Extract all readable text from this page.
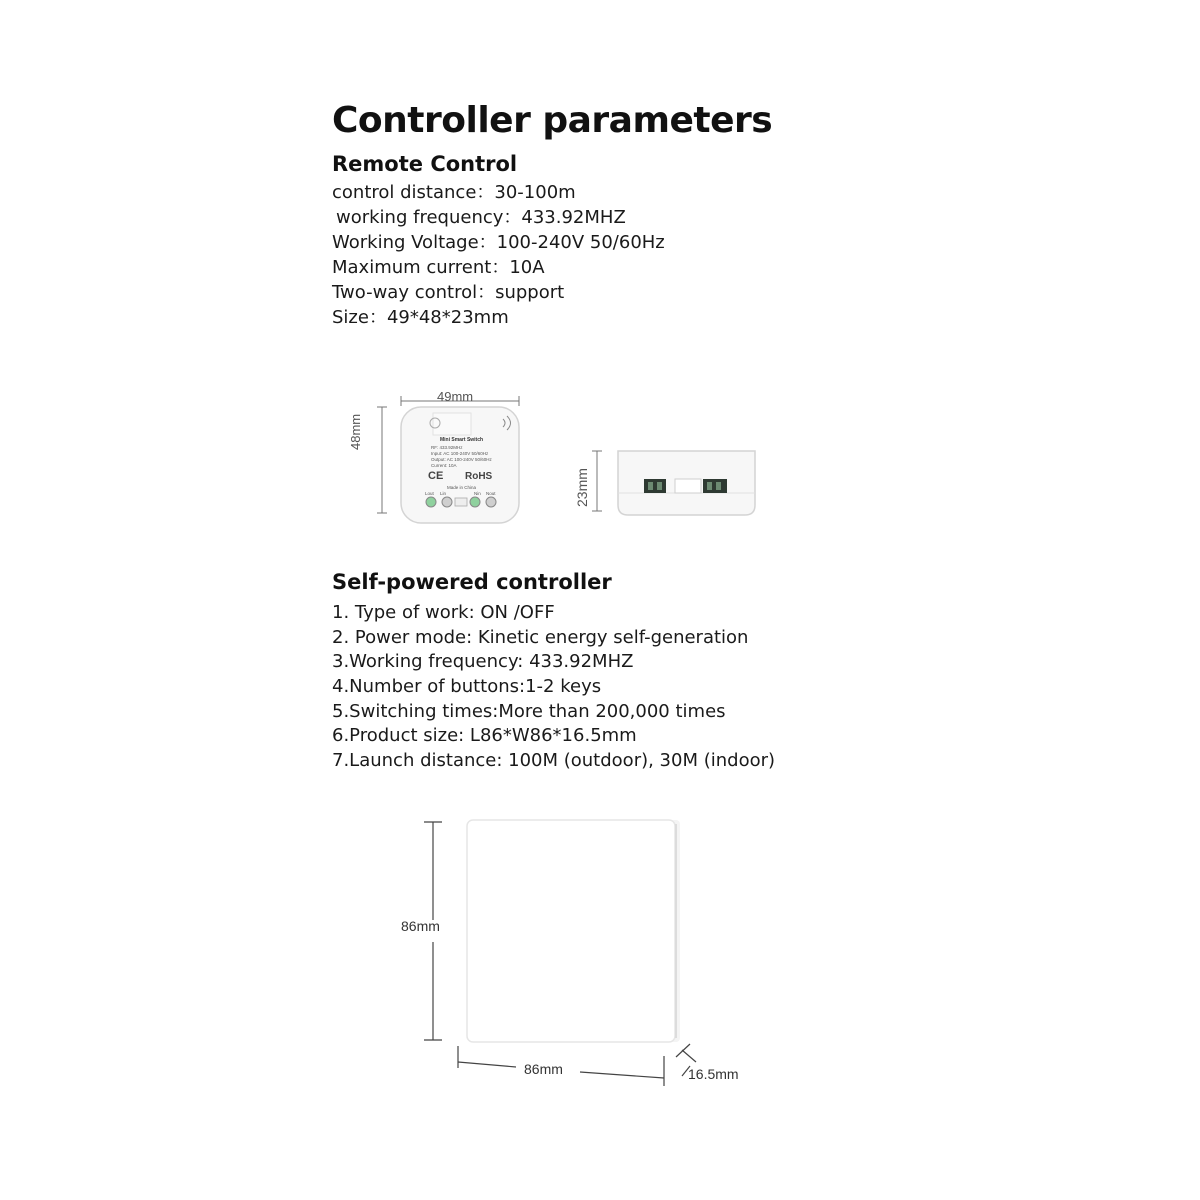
Controller parameters
Remote Control
control distance：30-100m
working frequency：433.92MHZ
Working Voltage：100-240V 50/60Hz
Maximum current：10A
Two-way control：support
Size：49*48*23mm
49mm
48mm	Mini Smart Switch
RF: 433.92MHz
Input: AC 100-240V 50/60Hz
Output: AC 100-240V 50/60Hz
Current: 10A
CE RoHS
Made in China
Lout Lin	Nin Nout	23mm
Self-powered controller
1. Type of work: ON /OFF
2. Power mode: Kinetic energy self-generation
3.Working frequency: 433.92MHZ
4.Number of buttons:1-2 keys
5.Switching times:More than 200,000 times
6.Product size: L86*W86*16.5mm
7.Launch distance: 100M (outdoor), 30M (indoor)
86mm
86mm	16.5mm
